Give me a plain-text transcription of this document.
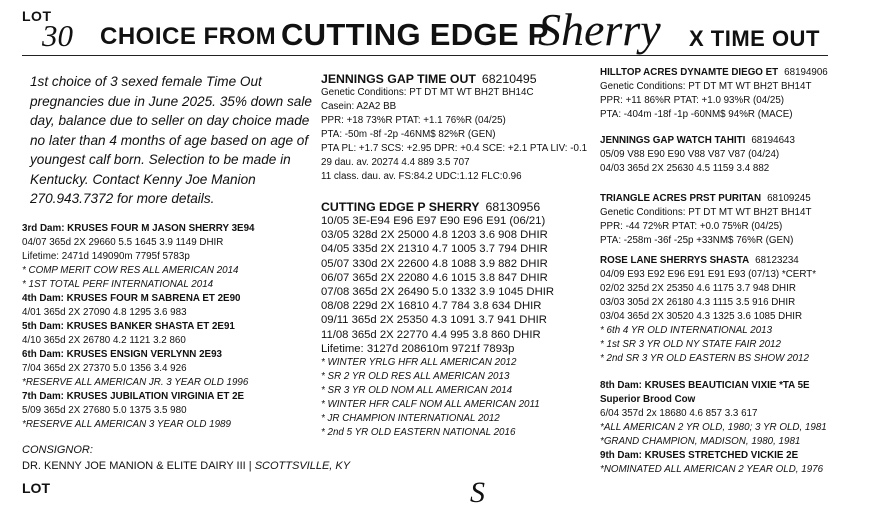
LOT
30 CHOICE FROM CUTTING EDGE P
Sherry X TIME OUT
1st choice of 3 sexed female Time Out pregnancies due in June 2025. 35% down sale day, balance due to seller on day choice made no later than 4 months of age based on age of youngest calf born. Selection to be made in Kentucky. Contact Kenny Joe Manion 270.943.7372 for more details.
3rd Dam: KRUSES FOUR M JASON SHERRY 3E94
04/07 365d 2X 29660 5.5 1645 3.9 1149 DHIR
Lifetime: 2471d 149090m 7795f 5783p
* COMP MERIT COW RES ALL AMERICAN 2014
* 1ST TOTAL PERF INTERNATIONAL 2014
4th Dam: KRUSES FOUR M SABRENA ET 2E90
4/01 365d 2X 27090 4.8 1295 3.6 983
5th Dam: KRUSES BANKER SHASTA ET 2E91
4/10 365d 2X 26780 4.2 1121 3.2 860
6th Dam: KRUSES ENSIGN VERLYNN 2E93
7/04 365d 2X 27370 5.0 1356 3.4 926
*RESERVE ALL AMERICAN JR. 3 YEAR OLD 1996
7th Dam: KRUSES JUBILATION VIRGINIA ET 2E
5/09 365d 2X 27680 5.0 1375 3.5 980
*RESERVE ALL AMERICAN 3 YEAR OLD 1989
CONSIGNOR:
DR. KENNY JOE MANION & ELITE DAIRY III | SCOTTSVILLE, KY
JENNINGS GAP TIME OUT 68210495
Genetic Conditions: PT DT MT WT BH2T BH14C
Casein: A2A2 BB
PPR: +18 73%R PTAT: +1.1 76%R (04/25)
PTA: -50m -8f -2p -46NM$ 82%R (GEN)
PTA PL: +1.7 SCS: +2.95 DPR: +0.4 SCE: +2.1 PTA LIV: -0.1
29 dau. av. 20274 4.4 889 3.5 707
11 class. dau. av. FS:84.2 UDC:1.12 FLC:0.96
CUTTING EDGE P SHERRY 68130956
10/05 3E-E94 E96 E97 E90 E96 E91 (06/21)
03/05 328d 2X 25000 4.8 1203 3.6 908 DHIR
04/05 335d 2X 21310 4.7 1005 3.7 794 DHIR
05/07 330d 2X 22600 4.8 1088 3.9 882 DHIR
06/07 365d 2X 22080 4.6 1015 3.8 847 DHIR
07/08 365d 2X 26490 5.0 1332 3.9 1045 DHIR
08/08 229d 2X 16810 4.7 784 3.8 634 DHIR
09/11 365d 2X 25350 4.3 1091 3.7 941 DHIR
11/08 365d 2X 22770 4.4 995 3.8 860 DHIR
Lifetime: 3127d 208610m 9721f 7893p
* WINTER YRLG HFR ALL AMERICAN 2012
* SR 2 YR OLD RES ALL AMERICAN 2013
* SR 3 YR OLD NOM ALL AMERICAN 2014
* WINTER HFR CALF NOM ALL AMERICAN 2011
* JR CHAMPION INTERNATIONAL 2012
* 2nd 5 YR OLD EASTERN NATIONAL 2016
HILLTOP ACRES DYNAMTE DIEGO ET 68194906
Genetic Conditions: PT DT MT WT BH2T BH14T
PPR: +11 86%R PTAT: +1.0 93%R (04/25)
PTA: -404m -18f -1p -60NM$ 94%R (MACE)
JENNINGS GAP WATCH TAHITI 68194643
05/09 V88 E90 E90 V88 V87 V87 (04/24)
04/03 365d 2X 25630 4.5 1159 3.4 882
TRIANGLE ACRES PRST PURITAN 68109245
Genetic Conditions: PT DT MT WT BH2T BH14T
PPR: -44 72%R PTAT: +0.0 75%R (04/25)
PTA: -258m -36f -25p +33NM$ 76%R (GEN)
ROSE LANE SHERRYS SHASTA 68123234
04/09 E93 E92 E96 E91 E91 E93 (07/13) *CERT*
02/02 325d 2X 25350 4.6 1175 3.7 948 DHIR
03/03 305d 2X 26180 4.3 1115 3.5 916 DHIR
03/04 365d 2X 30520 4.3 1325 3.6 1085 DHIR
* 6th 4 YR OLD INTERNATIONAL 2013
* 1st SR 3 YR OLD NY STATE FAIR 2012
* 2nd SR 3 YR OLD EASTERN BS SHOW 2012
8th Dam: KRUSES BEAUTICIAN VIXIE *TA 5E
Superior Brood Cow
6/04 357d 2x 18680 4.6 857 3.3 617
*ALL AMERICAN 2 YR OLD, 1980; 3 YR OLD, 1981
*GRAND CHAMPION, MADISON, 1980, 1981
9th Dam: KRUSES STRETCHED VICKIE 2E
*NOMINATED ALL AMERICAN 2 YEAR OLD, 1976
LOT	S
